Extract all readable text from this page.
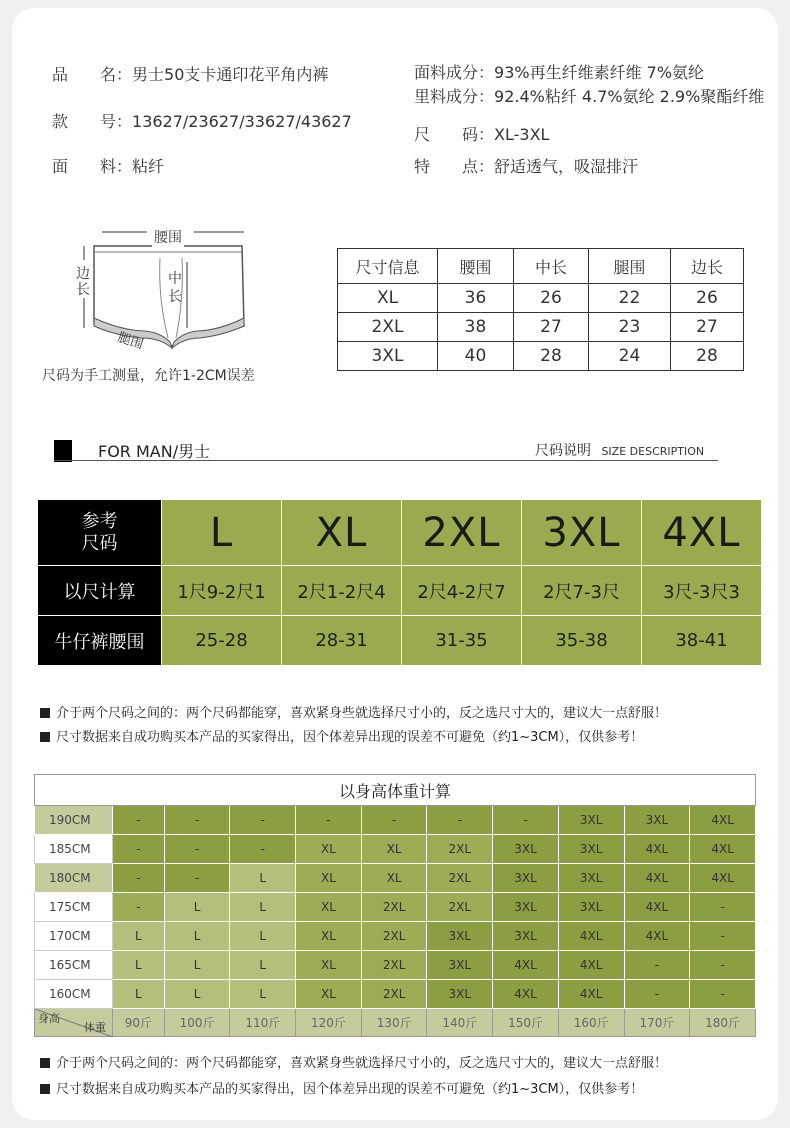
品　　名：男士50支卡通印花平角内裤
款　　号：13627/23627/33627/43627
面　　料：粘纤
面料成分：93%再生纤维素纤维 7%氨纶
里料成分：92.4%粘纤 4.7%氨纶 2.9%聚酯纤维
尺　　码：XL-3XL
特　　点：舒适透气，吸湿排汗
腰围
边长
中长
腿围
尺码为手工测量，允许1-2CM误差
尺寸信息	腰围	中长	腿围	边长
XL	36	26	22	26
2XL	38	27	23	27
3XL	40	28	24	28
FOR MAN/男士	尺码说明 SIZE DESCRIPTION
参考
尺码	L	XL	2XL	3XL	4XL
以尺计算	1尺9-2尺1	2尺1-2尺4	2尺4-2尺7	2尺7-3尺	3尺-3尺3
牛仔裤腰围	25-28	28-31	31-35	35-38	38-41
介于两个尺码之间的：两个尺码都能穿，喜欢紧身些就选择尺寸小的，反之选尺寸大的，建议大一点舒服！
尺寸数据来自成功购买本产品的买家得出，因个体差异出现的误差不可避免（约1~3CM），仅供参考！
以身高体重计算										
190CM	-	-	-	-	-	-	-	3XL	3XL	4XL
185CM	-	-	-	XL	XL	2XL	3XL	3XL	4XL	4XL
180CM	-	-	L	XL	XL	2XL	3XL	3XL	4XL	4XL
175CM	-	L	L	XL	2XL	2XL	3XL	3XL	4XL	-
170CM	L	L	L	XL	2XL	3XL	3XL	4XL	4XL	-
165CM	L	L	L	XL	2XL	3XL	4XL	4XL	-	-
160CM	L	L	L	XL	2XL	3XL	4XL	4XL	-	-

身高
体重	90斤	100斤	110斤	120斤	130斤	140斤	150斤	160斤	170斤	180斤
介于两个尺码之间的：两个尺码都能穿，喜欢紧身些就选择尺寸小的，反之选尺寸大的，建议大一点舒服！
尺寸数据来自成功购买本产品的买家得出，因个体差异出现的误差不可避免（约1~3CM），仅供参考！
